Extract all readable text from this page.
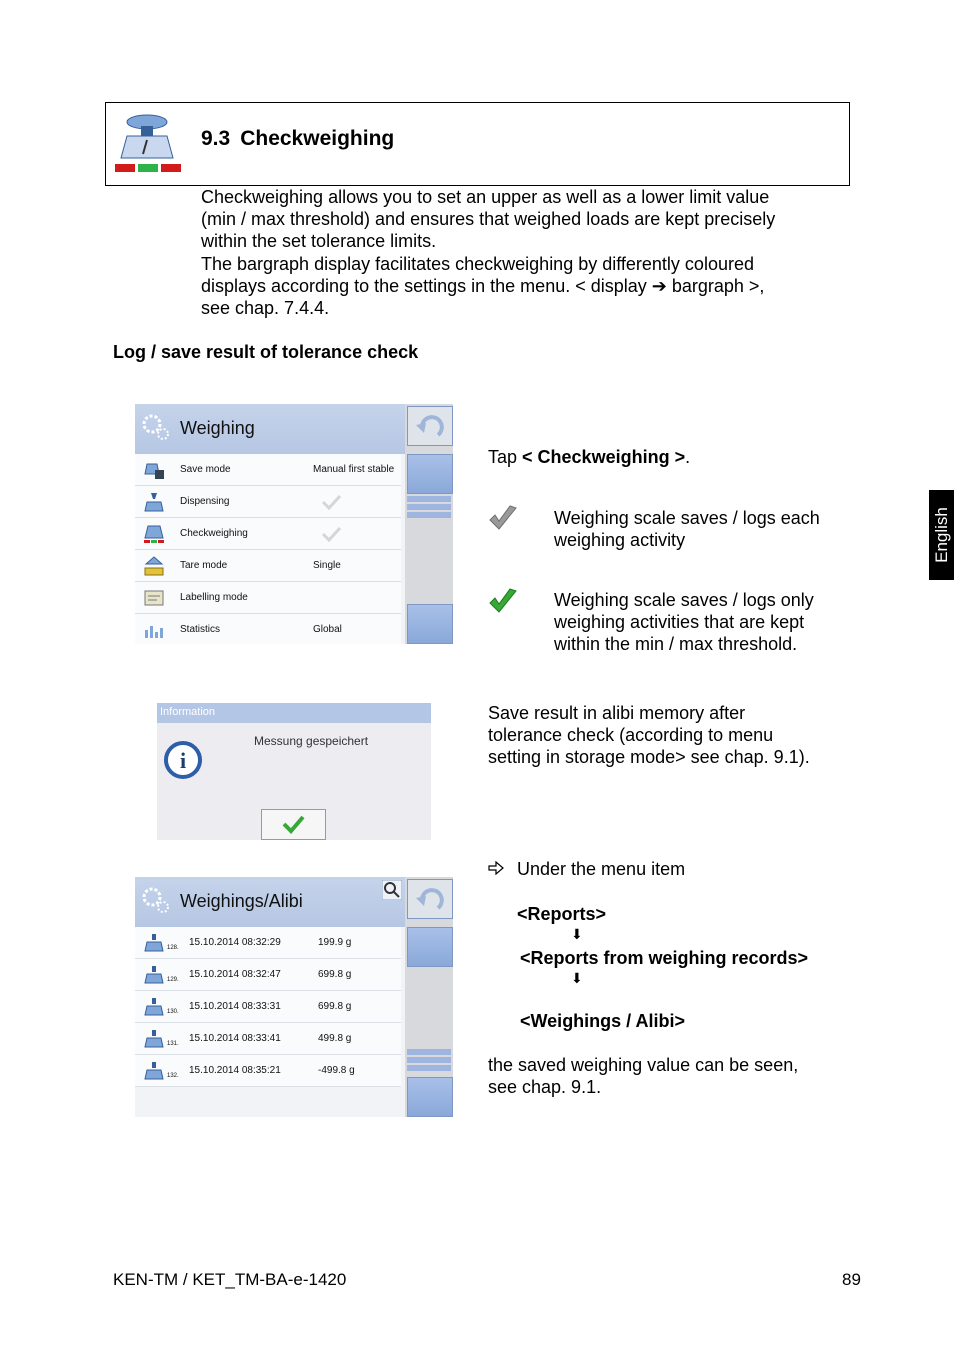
9.3 Checkweighing
Checkweighing allows you to set an upper as well as a lower limit value
(min / max threshold) and ensures that weighed loads are kept precisely
within the set tolerance limits.
The bargraph display facilitates checkweighing by differently coloured
displays according to the settings in the menu. < display ➔ bargraph >,
see chap. 7.4.4.
Log / save result of tolerance check
English
Weighing
Save mode	Manual first stable
Dispensing
Checkweighing
Tare mode	Single
Labelling mode
Statistics	Global
Tap < Checkweighing >.
Weighing scale saves / logs each
weighing activity
Weighing scale saves / logs only
weighing activities that are kept
within the min / max threshold.
Information
i
Messung gespeichert
Save result in alibi memory after
tolerance check (according to menu
setting in storage mode> see chap. 9.1).
Weighings/Alibi
128. 15.10.2014 08:32:29	199.9 g
129. 15.10.2014 08:32:47	699.8 g
130. 15.10.2014 08:33:31	699.8 g
131. 15.10.2014 08:33:41	499.8 g
132. 15.10.2014 08:35:21	-499.8 g
Under the menu item
<Reports>
⬇
<Reports from weighing records>
⬇
<Weighings / Alibi>
the saved weighing value can be seen,
see chap. 9.1.
KEN-TM / KET_TM-BA-e-1420	89
